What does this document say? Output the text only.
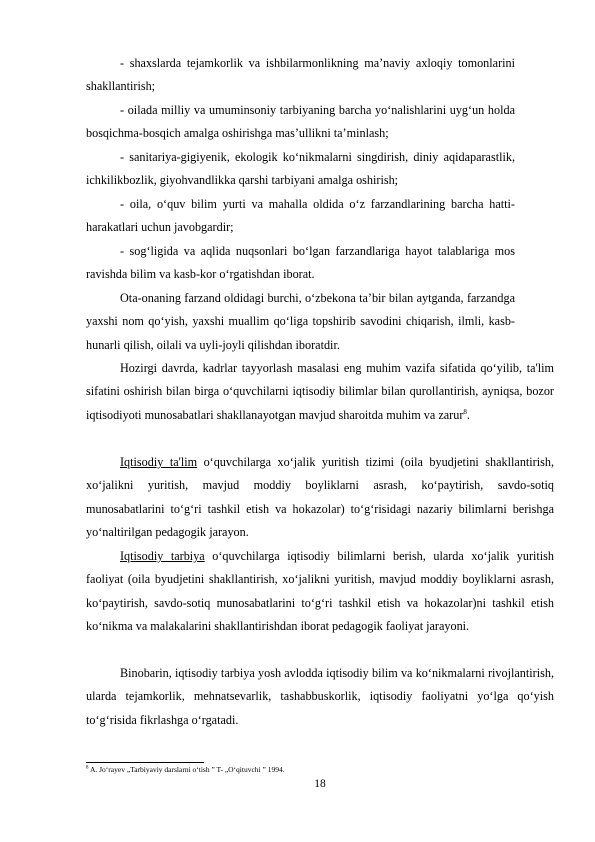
- shaxslarda tejamkorlik va ishbilarmonlikning ma’naviy axloqiy tomonlarini shakllantirish;
- oilada milliy va umuminsoniy tarbiyaning barcha yo‘nalishlarini uyg‘un holda bosqichma-bosqich amalga oshirishga mas’ullikni ta’minlash;
- sanitariya-gigiyenik, ekologik ko‘nikmalarni singdirish, diniy aqidaparastlik, ichkilikbozlik, giyohvandlikka qarshi tarbiyani amalga oshirish;
- oila, o‘quv bilim yurti va mahalla oldida o‘z farzandlarining barcha hatti-harakatlari uchun javobgardir;
- sog‘ligida va aqlida nuqsonlari bo‘lgan farzandlariga hayot talablariga mos ravishda bilim va kasb-kor o‘rgatishdan iborat.
Ota-onaning farzand oldidagi burchi, o‘zbekona ta’bir bilan aytganda, farzandga yaxshi nom qo‘yish, yaxshi muallim qo‘liga topshirib savodini chiqarish, ilmli, kasb-hunarli qilish, oilali va uyli-joyli qilishdan iboratdir.
Hozirgi davrda, kadrlar tayyorlash masalasi eng muhim vazifa sifatida qo‘yilib, ta'lim sifatini oshirish bilan birga o‘quvchilarni iqtisodiy bilimlar bilan qurollantirish, ayniqsa, bozor iqtisodiyoti munosabatlari shakllanayotgan mavjud sharoitda muhim va zarur$^8$.
Iqtisodiy ta'lim o‘quvchilarga xo‘jalik yuritish tizimi (oila byudjetini shakllantirish, xo‘jalikni yuritish, mavjud moddiy boyliklarni asrash, ko‘paytirish, savdo-sotiq munosabatlarini to‘g‘ri tashkil etish va hokazolar) to‘g‘risidagi nazariy bilimlarni berishga yo‘naltirilgan pedagogik jarayon.
Iqtisodiy tarbiya o‘quvchilarga iqtisodiy bilimlarni berish, ularda xo‘jalik yuritish faoliyat (oila byudjetini shakllantirish, xo‘jalikni yuritish, mavjud moddiy boyliklarni asrash, ko‘paytirish, savdo-sotiq munosabatlarini to‘g‘ri tashkil etish va hokazolar)ni tashkil etish ko‘nikma va malakalarini shakllantirishdan iborat pedagogik faoliyat jarayoni.
Binobarin, iqtisodiy tarbiya yosh avlodda iqtisodiy bilim va ko‘nikmalarni rivojlantirish, ularda tejamkorlik, mehnatsevarlik, tashabbuskorlik, iqtisodiy faoliyatni yo‘lga qo‘yish to‘g‘risida fikrlashga o‘rgatadi.
$^8$ A. Jo‘rayev „Tarbiyaviy darslarni o‘tish ” T- „O‘qituvchi ” 1994.
18
